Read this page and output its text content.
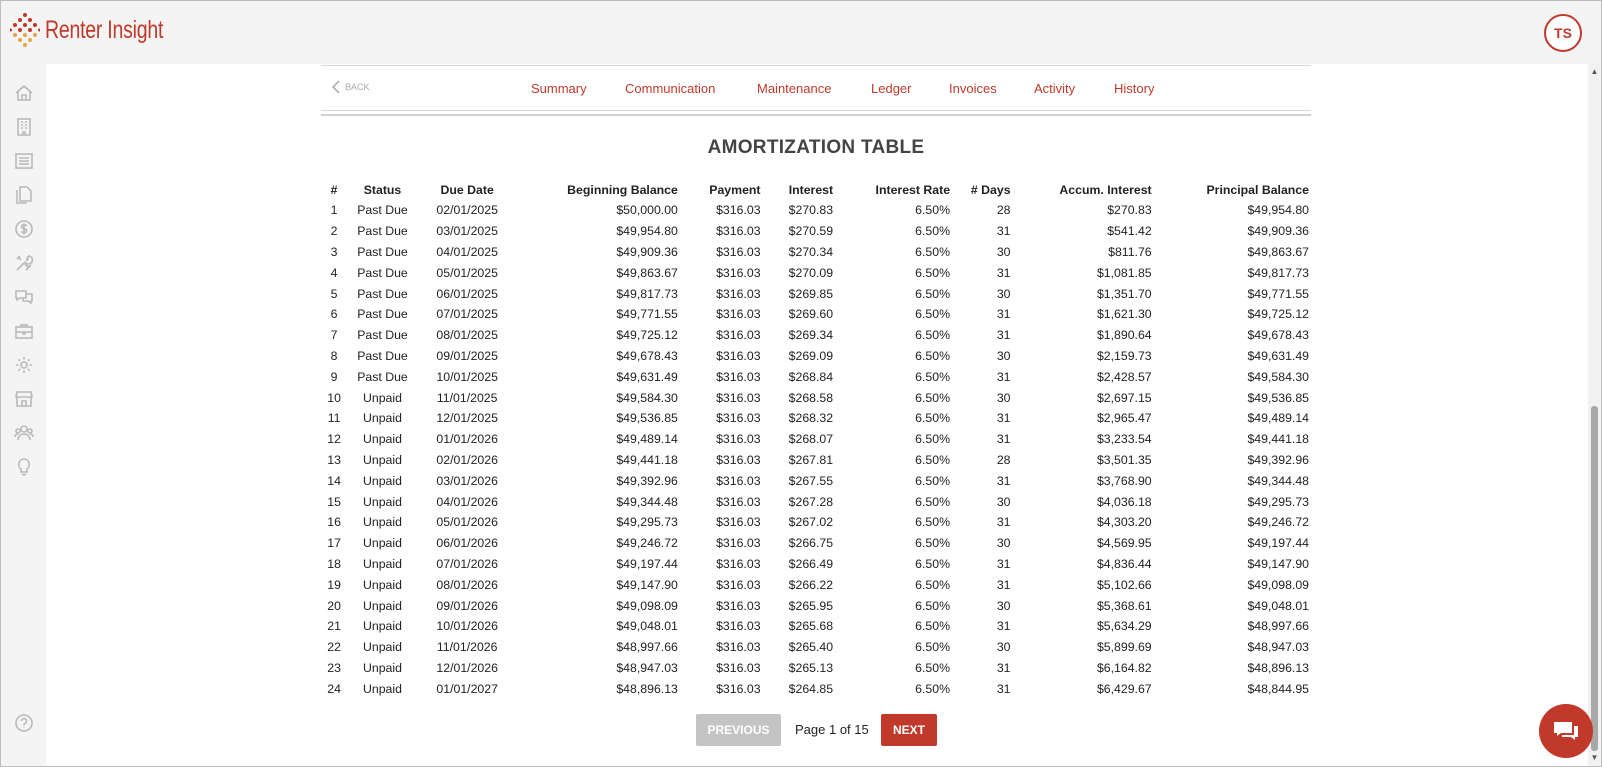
Renter Insight	TS
BACK	Summary	Communication	Maintenance	Ledger	Invoices	Activity	History
AMORTIZATION TABLE
#	Status	Due Date	Beginning Balance	Payment	Interest	Interest Rate	# Days	Accum. Interest	Principal Balance
1	Past Due	02/01/2025	$50,000.00	$316.03	$270.83	6.50%	28	$270.83	$49,954.80
2	Past Due	03/01/2025	$49,954.80	$316.03	$270.59	6.50%	31	$541.42	$49,909.36
3	Past Due	04/01/2025	$49,909.36	$316.03	$270.34	6.50%	30	$811.76	$49,863.67
4	Past Due	05/01/2025	$49,863.67	$316.03	$270.09	6.50%	31	$1,081.85	$49,817.73
5	Past Due	06/01/2025	$49,817.73	$316.03	$269.85	6.50%	30	$1,351.70	$49,771.55
6	Past Due	07/01/2025	$49,771.55	$316.03	$269.60	6.50%	31	$1,621.30	$49,725.12
7	Past Due	08/01/2025	$49,725.12	$316.03	$269.34	6.50%	31	$1,890.64	$49,678.43
8	Past Due	09/01/2025	$49,678.43	$316.03	$269.09	6.50%	30	$2,159.73	$49,631.49
9	Past Due	10/01/2025	$49,631.49	$316.03	$268.84	6.50%	31	$2,428.57	$49,584.30
10	Unpaid	11/01/2025	$49,584.30	$316.03	$268.58	6.50%	30	$2,697.15	$49,536.85
11	Unpaid	12/01/2025	$49,536.85	$316.03	$268.32	6.50%	31	$2,965.47	$49,489.14
12	Unpaid	01/01/2026	$49,489.14	$316.03	$268.07	6.50%	31	$3,233.54	$49,441.18
13	Unpaid	02/01/2026	$49,441.18	$316.03	$267.81	6.50%	28	$3,501.35	$49,392.96
14	Unpaid	03/01/2026	$49,392.96	$316.03	$267.55	6.50%	31	$3,768.90	$49,344.48
15	Unpaid	04/01/2026	$49,344.48	$316.03	$267.28	6.50%	30	$4,036.18	$49,295.73
16	Unpaid	05/01/2026	$49,295.73	$316.03	$267.02	6.50%	31	$4,303.20	$49,246.72
17	Unpaid	06/01/2026	$49,246.72	$316.03	$266.75	6.50%	30	$4,569.95	$49,197.44
18	Unpaid	07/01/2026	$49,197.44	$316.03	$266.49	6.50%	31	$4,836.44	$49,147.90
19	Unpaid	08/01/2026	$49,147.90	$316.03	$266.22	6.50%	31	$5,102.66	$49,098.09
20	Unpaid	09/01/2026	$49,098.09	$316.03	$265.95	6.50%	30	$5,368.61	$49,048.01
21	Unpaid	10/01/2026	$49,048.01	$316.03	$265.68	6.50%	31	$5,634.29	$48,997.66
22	Unpaid	11/01/2026	$48,997.66	$316.03	$265.40	6.50%	30	$5,899.69	$48,947.03
23	Unpaid	12/01/2026	$48,947.03	$316.03	$265.13	6.50%	31	$6,164.82	$48,896.13
24	Unpaid	01/01/2027	$48,896.13	$316.03	$264.85	6.50%	31	$6,429.67	$48,844.95
PREVIOUS	Page 1 of 15	NEXT
▲
▼
